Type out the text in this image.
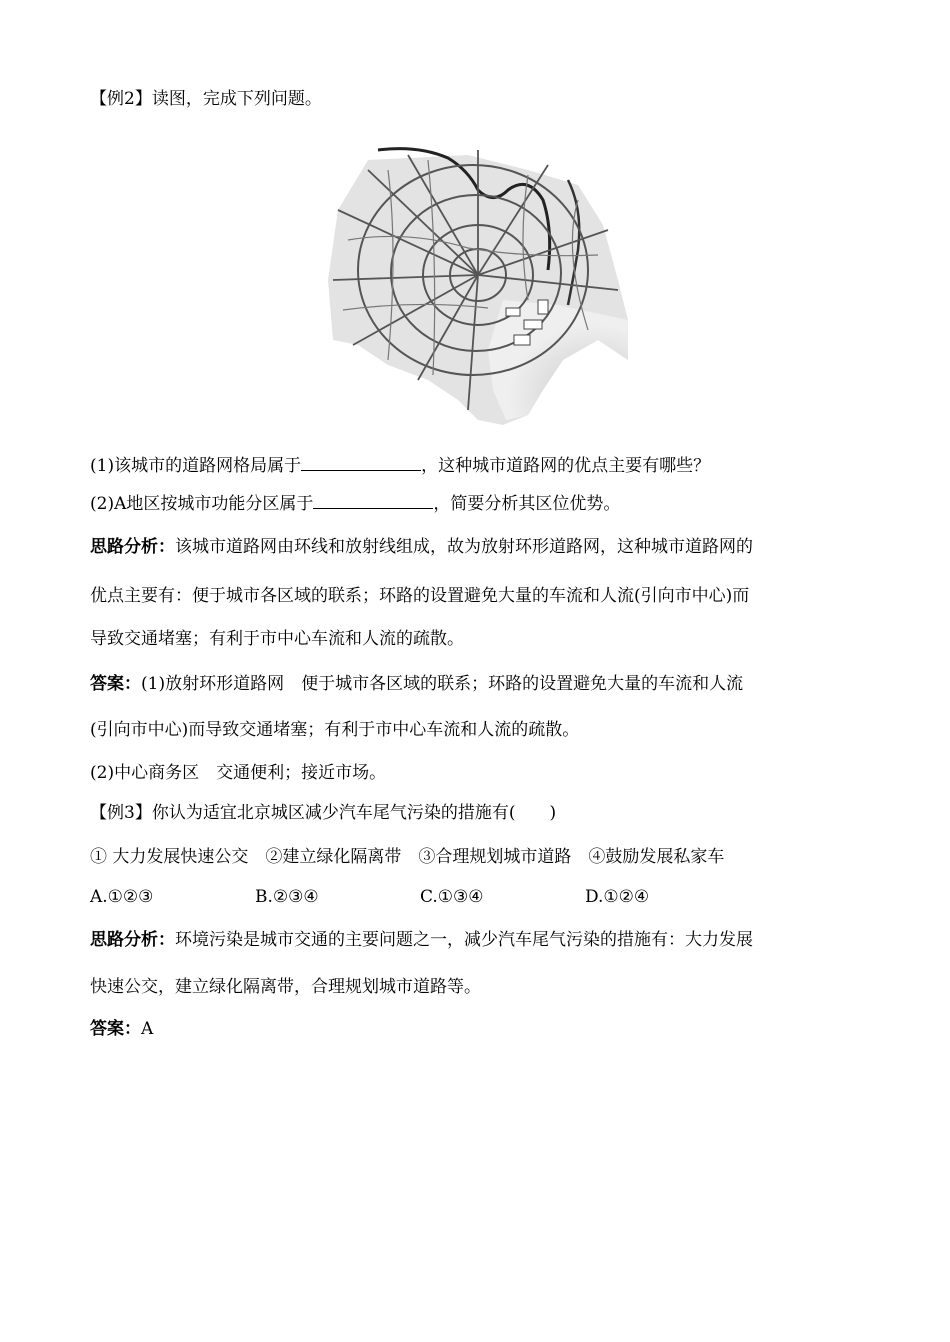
【例2】读图，完成下列问题。
(1)该城市的道路网格局属于	，这种城市道路网的优点主要有哪些？
(2)A地区按城市功能分区属于	，简要分析其区位优势。
思路分析：该城市道路网由环线和放射线组成，故为放射环形道路网，这种城市道路网的
优点主要有：便于城市各区域的联系；环路的设置避免大量的车流和人流(引向市中心)而
导致交通堵塞；有利于市中心车流和人流的疏散。
答案：(1)放射环形道路网　便于城市各区域的联系；环路的设置避免大量的车流和人流
(引向市中心)而导致交通堵塞；有利于市中心车流和人流的疏散。
(2)中心商务区　交通便利；接近市场。
【例3】你认为适宜北京城区减少汽车尾气污染的措施有(　　)
① 大力发展快速公交　②建立绿化隔离带　③合理规划城市道路　④鼓励发展私家车
A.①②③	B.②③④	C.①③④	D.①②④
思路分析：环境污染是城市交通的主要问题之一，减少汽车尾气污染的措施有：大力发展
快速公交，建立绿化隔离带，合理规划城市道路等。
答案：A
